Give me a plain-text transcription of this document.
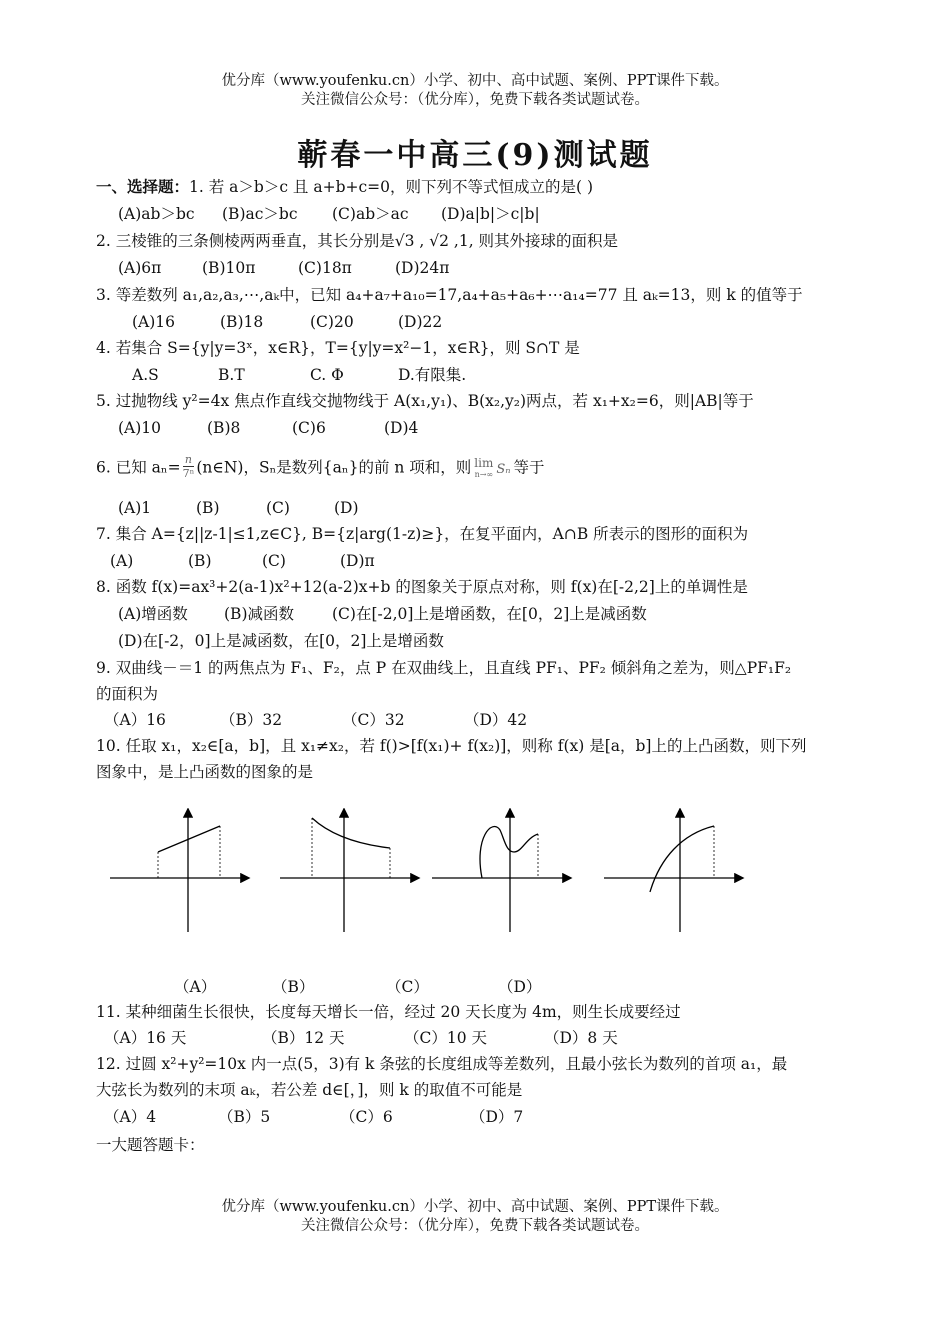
优分库（www.youfenku.cn）小学、初中、高中试题、案例、PPT课件下载。
关注微信公众号：（优分库），免费下载各类试题试卷。
蕲春一中高三(9)测试题
一、选择题：1. 若 a＞b＞c 且 a+b+c=0，则下列不等式恒成立的是( )
(A)ab＞bc (B)ac＞bc (C)ab＞ac (D)a|b|＞c|b|
2. 三棱锥的三条侧棱两两垂直，其长分别是√3 , √2 ,1, 则其外接球的面积是
(A)6π	(B)10π	(C)18π	(D)24π
3. 等差数列 a₁,a₂,a₃,⋯,aₖ中，已知 a₄+a₇+a₁₀=17,a₄+a₅+a₆+⋯a₁₄=77 且 aₖ=13，则 k 的值等于
(A)16	(B)18	(C)20	(D)22
4. 若集合 S={y|y=3ˣ，x∈R}，T={y|y=x²−1，x∈R}，则 S∩T 是
A.S	B.T	C. Φ	D.有限集.
5. 过抛物线 y²=4x 焦点作直线交抛物线于 A(x₁,y₁)、B(x₂,y₂)两点，若 x₁+x₂=6，则|AB|等于
(A)10	(B)8	(C)6	(D)4
6. 已知 $a_n= \frac{n}{\text{7ⁿ}}$ (n∈N)，Sₙ是数列{aₙ}的前 n 项和，则 lim
n→∞ Sₙ 等于
(A)1	(B)	(C)	(D)
7. 集合 A={z||z-1|≤1,z∈C}, B={z|arg(1-z)≥}，在复平面内，A∩B 所表示的图形的面积为
(A)	(B)	(C)	(D)π
8. 函数 f(x)=ax³+2(a-1)x²+12(a-2)x+b 的图象关于原点对称，则 f(x)在[-2,2]上的单调性是
(A)增函数 (B)减函数 (C)在[-2,0]上是增函数，在[0，2]上是减函数
(D)在[-2，0]上是减函数，在[0，2]上是增函数
9. 双曲线－＝1 的两焦点为 F₁、F₂，点 P 在双曲线上，且直线 PF₁、PF₂ 倾斜角之差为，则△PF₁F₂
的面积为
（A）16	（B）32	（C）32	（D）42
10. 任取 x₁，x₂∈[a，b]，且 x₁≠x₂，若 f()>[f(x₁)+ f(x₂)]，则称 f(x) 是[a，b]上的上凸函数，则下列
图象中，是上凸函数的图象的是
（A）	（B）	（C）	（D）
11. 某种细菌生长很快，长度每天增长一倍，经过 20 天长度为 4m，则生长成要经过
（A）16 天	（B）12 天	（C）10 天	（D）8 天
12. 过圆 x²+y²=10x 内一点(5，3)有 k 条弦的长度组成等差数列，且最小弦长为数列的首项 a₁，最
大弦长为数列的末项 aₖ，若公差 d∈[，]，则 k 的取值不可能是
（A）4	（B）5	（C）6	（D）7
一大题答题卡：
优分库（www.youfenku.cn）小学、初中、高中试题、案例、PPT课件下载。
关注微信公众号：（优分库），免费下载各类试题试卷。
